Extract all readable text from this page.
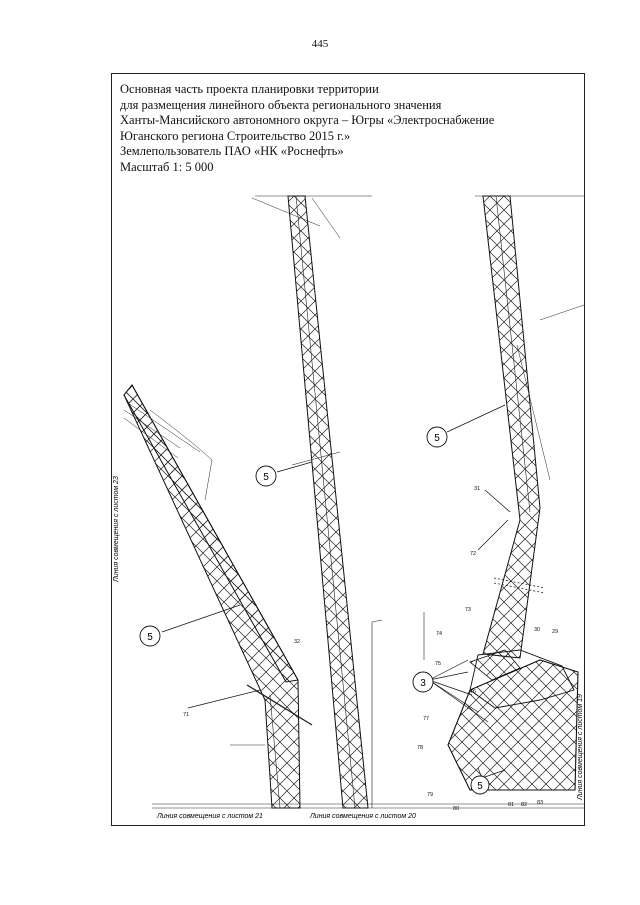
445
Основная часть проекта планировки территории
для размещения линейного объекта регионального значения
Ханты-Мансийского автономного округа – Югры «Электроснабжение
Юганского региона Строительство 2015 г.»
Землепользователь ПАО «НК «Роснефть»
Масштаб 1: 5 000
5
5
5
5
3
32
71
31
72
73
74
75
76
77
78
79
80
81 82 83
30 29
Линия совмещения с листом 23
Линия совмещения с листом 21	Линия совмещения с листом 20
Линия совмещения с листом 19
